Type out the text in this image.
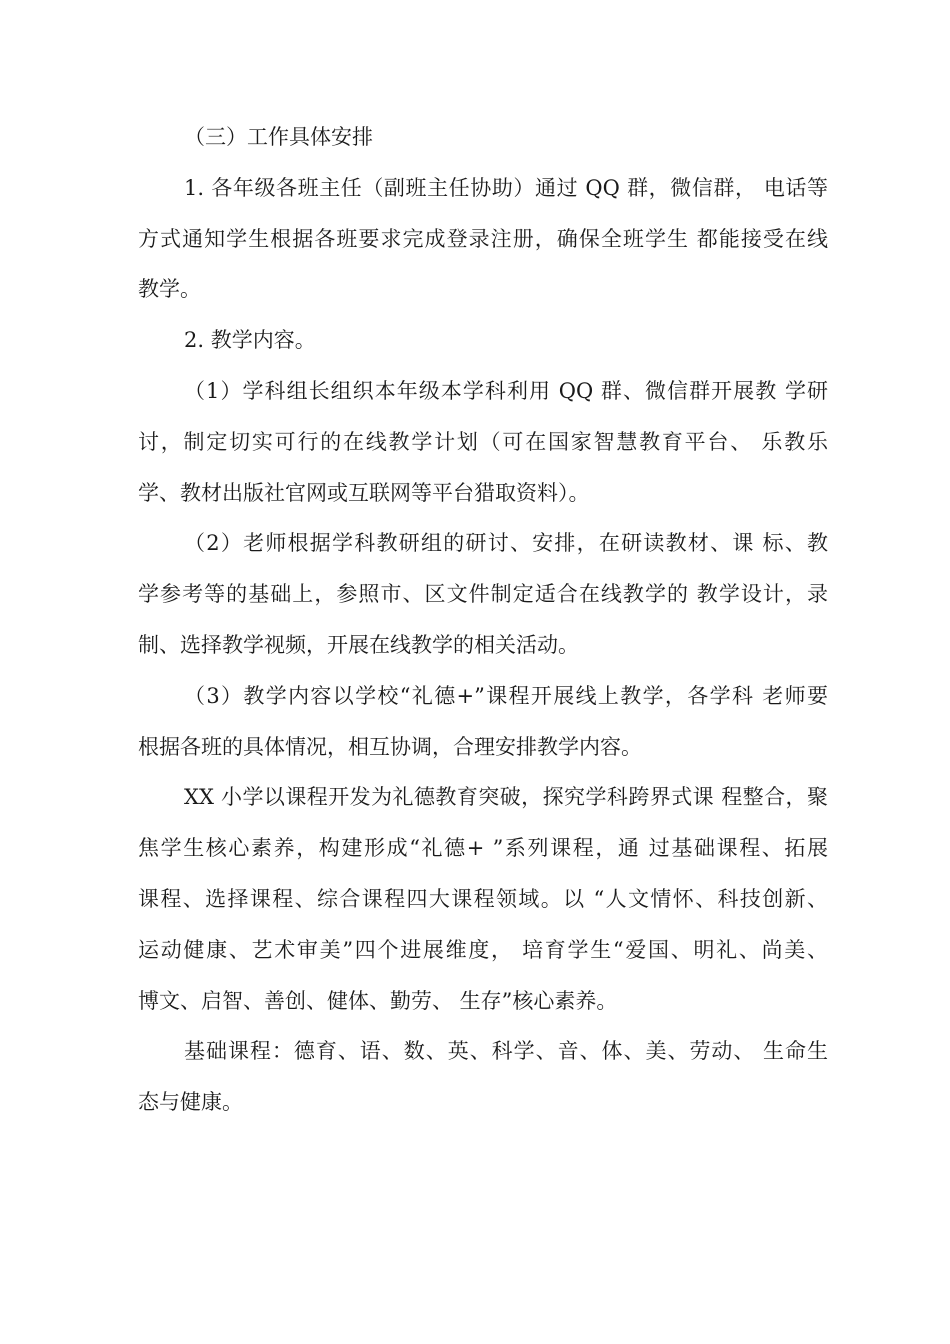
（三）工作具体安排
1. 各年级各班主任（副班主任协助）通过 QQ 群，微信群， 电话等
方式通知学生根据各班要求完成登录注册，确保全班学生 都能接受在线
教学。
2. 教学内容。
（1）学科组长组织本年级本学科利用 QQ 群、微信群开展教 学研
讨，制定切实可行的在线教学计划（可在国家智慧教育平台、 乐教乐
学、教材出版社官网或互联网等平台猎取资料）。
（2）老师根据学科教研组的研讨、安排，在研读教材、课 标、教
学参考等的基础上，参照市、区文件制定适合在线教学的 教学设计，录
制、选择教学视频，开展在线教学的相关活动。
（3）教学内容以学校“礼德+”课程开展线上教学，各学科 老师要
根据各班的具体情况，相互协调，合理安排教学内容。
XX 小学以课程开发为礼德教育突破，探究学科跨界式课 程整合，聚
焦学生核心素养，构建形成“礼德+ ”系列课程，通 过基础课程、拓展
课程、选择课程、综合课程四大课程领域。以 “人文情怀、科技创新、
运动健康、艺术审美”四个进展维度， 培育学生“爱国、明礼、尚美、
博文、启智、善创、健体、勤劳、 生存”核心素养。
基础课程：德育、语、数、英、科学、音、体、美、劳动、 生命生
态与健康。
